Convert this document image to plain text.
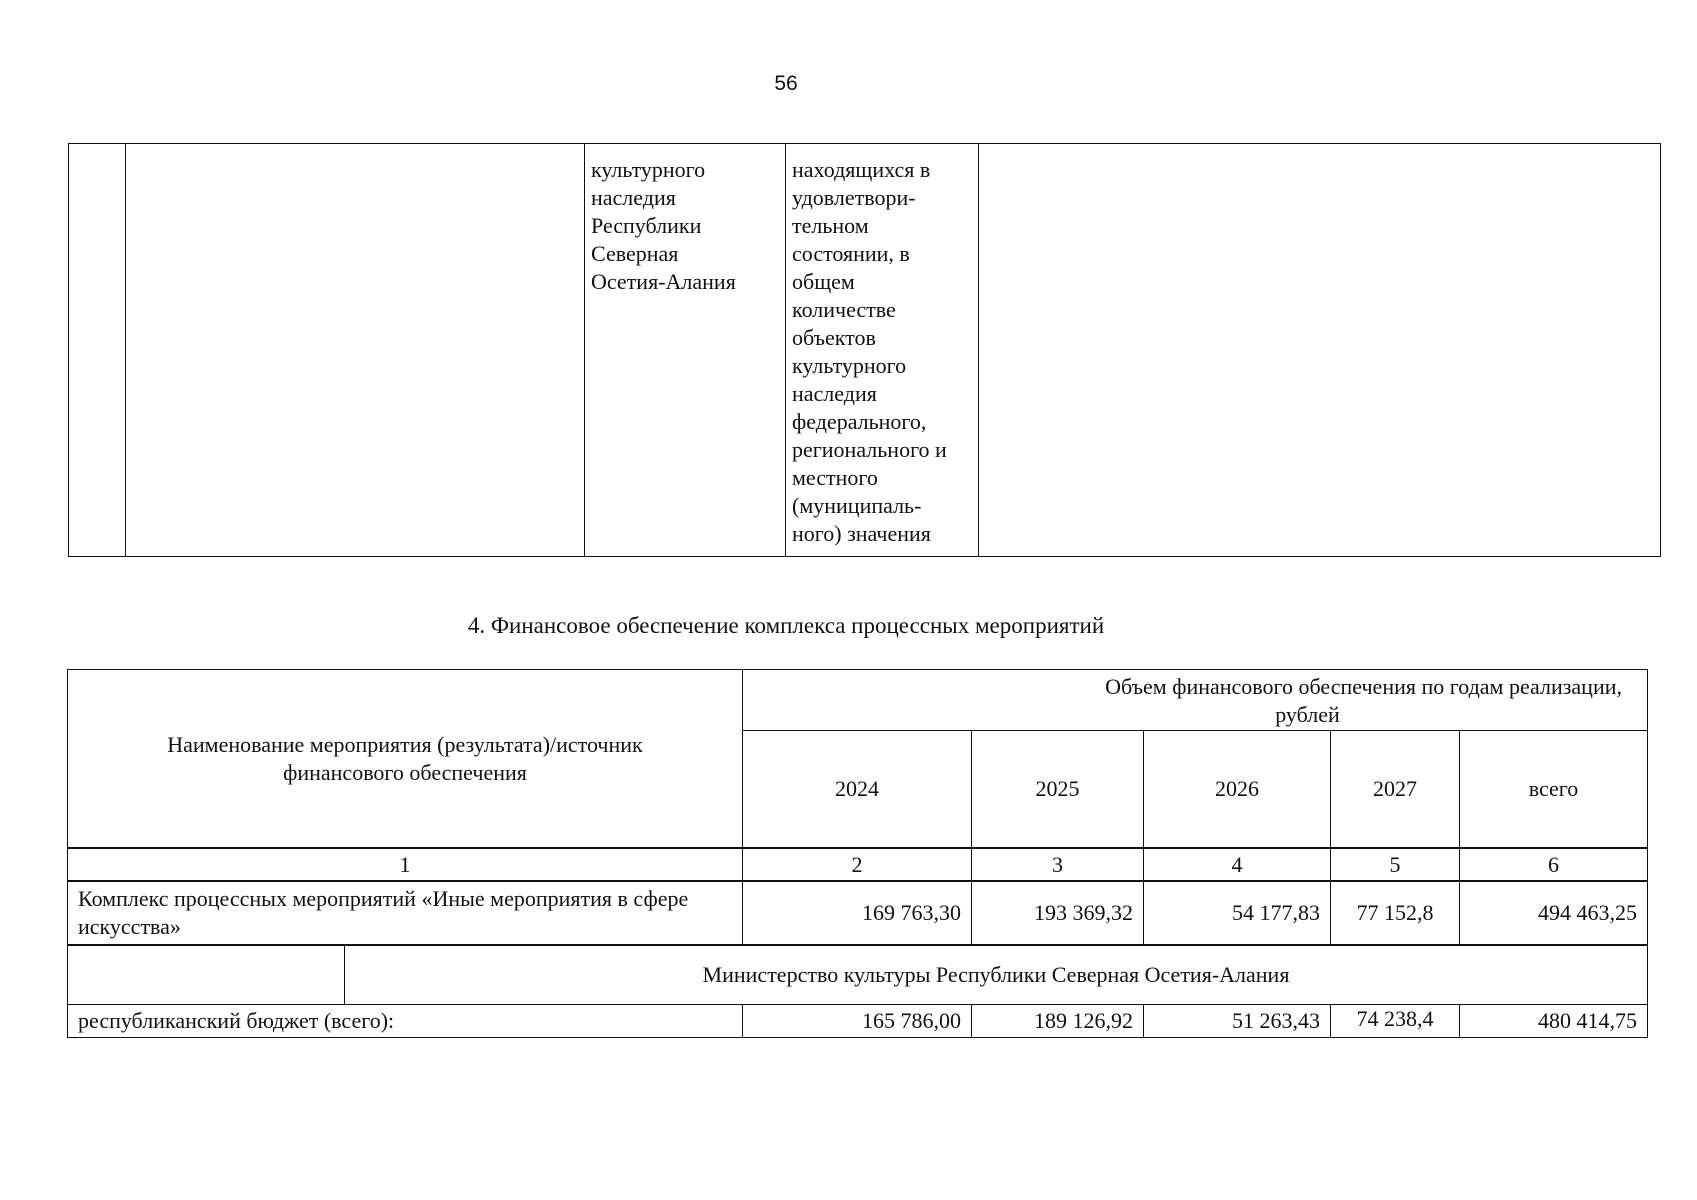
56
		культурного
наследия
Республики
Северная
Осетия-Алания	находящихся в
удовлетвори-
тельном
состоянии, в
общем
количестве
объектов
культурного
наследия
федерального,
регионального и
местного
(муниципаль-
ного) значения	
4. Финансовое обеспечение комплекса процессных мероприятий
Наименование мероприятия (результата)/источник финансового обеспечения		Объем финансового обеспечения по годам реализации,
рублей				

		2024	2025	2026	2027	всего
1		2	3	4	5	6
Комплекс процессных мероприятий «Иные мероприятия в сфере искусства»		169 763,30	193 369,32	54 177,83	77 152,8	494 463,25
	Министерство культуры Республики Северная Осетия-Алания					
республиканский бюджет (всего):		165 786,00	189 126,92	51 263,43	74 238,4	480 414,75
